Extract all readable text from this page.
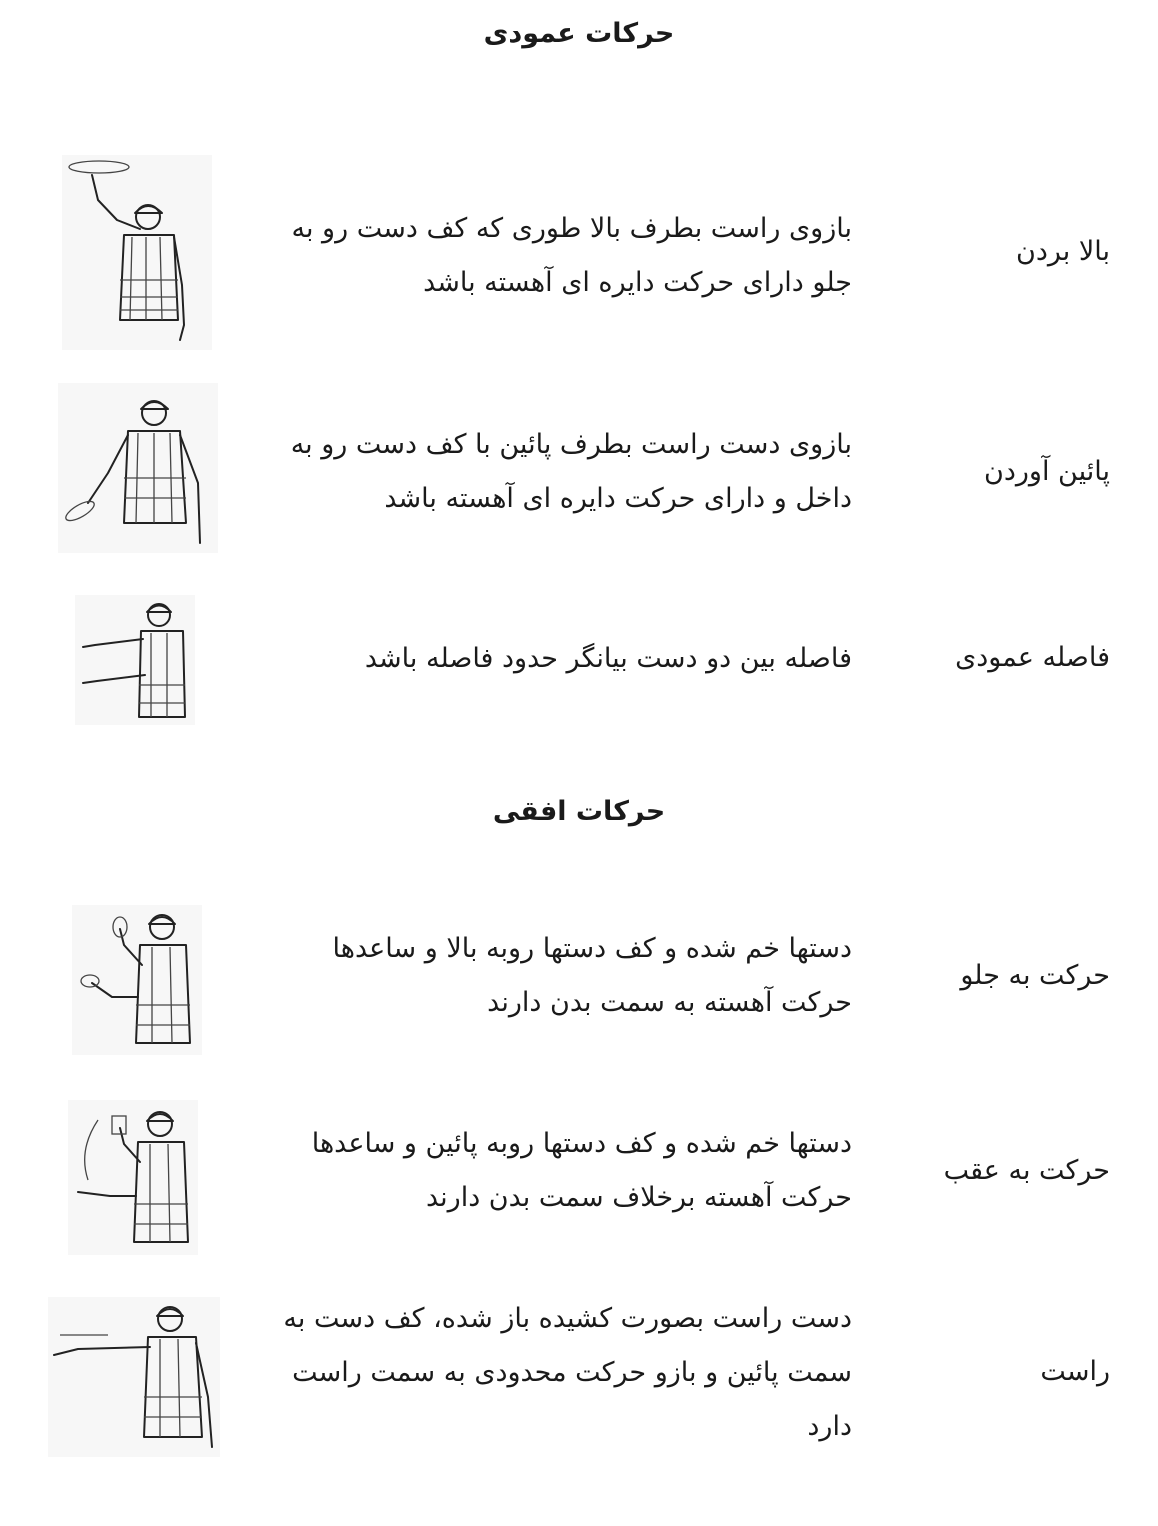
حرکات عمودی
بالا بردن
بازوی راست بطرف بالا طوری که کف دست رو به
جلو دارای حرکت دایره ای آهسته باشد
پائین آوردن
بازوی دست راست بطرف پائین با کف دست رو به
داخل و دارای حرکت دایره ای آهسته باشد
فاصله عمودی
فاصله بین دو دست بیانگر حدود فاصله باشد
حرکات افقی
حرکت به جلو
دستها خم شده و کف دستها روبه بالا و ساعدها
حرکت آهسته به سمت بدن دارند
حرکت به عقب
دستها خم شده و کف دستها روبه پائین و ساعدها
حرکت آهسته برخلاف سمت بدن دارند
راست
دست راست بصورت کشیده باز شده، کف دست به
سمت پائین و بازو حرکت محدودی به سمت راست
دارد
